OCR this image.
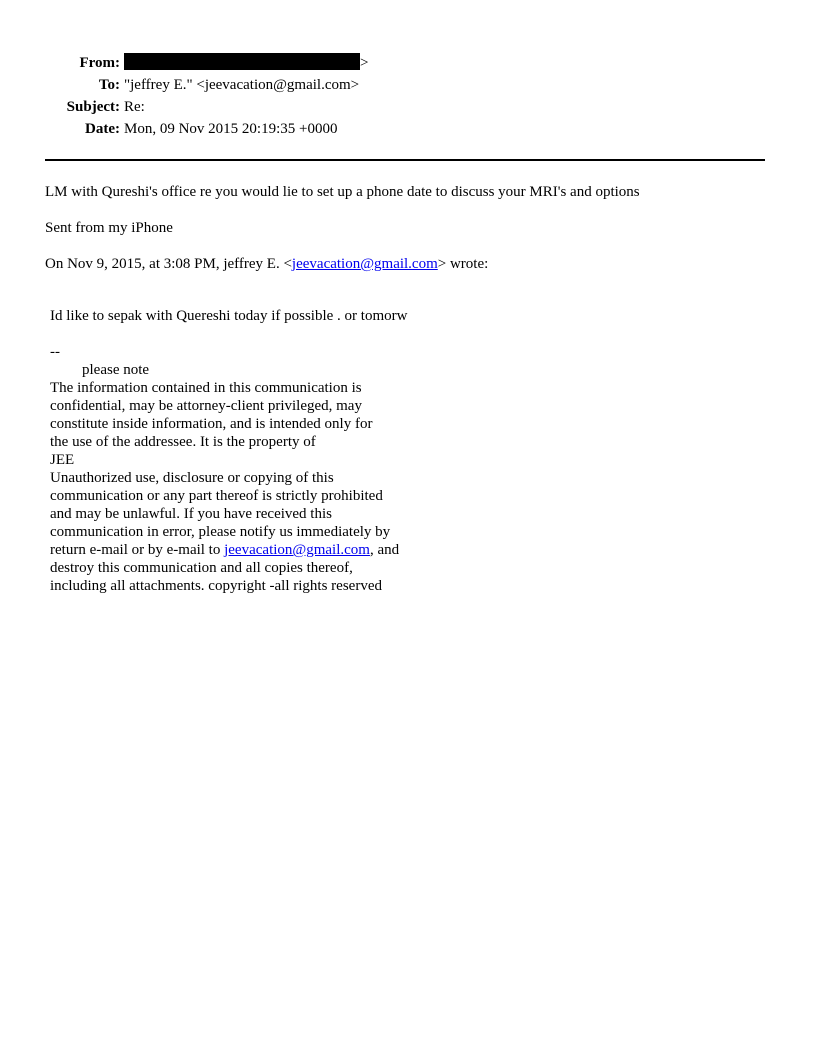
From:	>
To: "jeffrey E." <jeevacation@gmail.com>
Subject: Re:
Date: Mon, 09 Nov 2015 20:19:35 +0000
LM with Qureshi's office re you would lie to set up a phone date to discuss your MRI's and options
Sent from my iPhone
On Nov 9, 2015, at 3:08 PM, jeffrey E. <jeevacation@gmail.com> wrote:
Id like to sepak with Quereshi today if possible . or tomorw
--
please note
The information contained in this communication is
confidential, may be attorney-client privileged, may
constitute inside information, and is intended only for
the use of the addressee. It is the property of
JEE
Unauthorized use, disclosure or copying of this
communication or any part thereof is strictly prohibited
and may be unlawful. If you have received this
communication in error, please notify us immediately by
return e-mail or by e-mail to jeevacation@gmail.com, and
destroy this communication and all copies thereof,
including all attachments. copyright -all rights reserved
